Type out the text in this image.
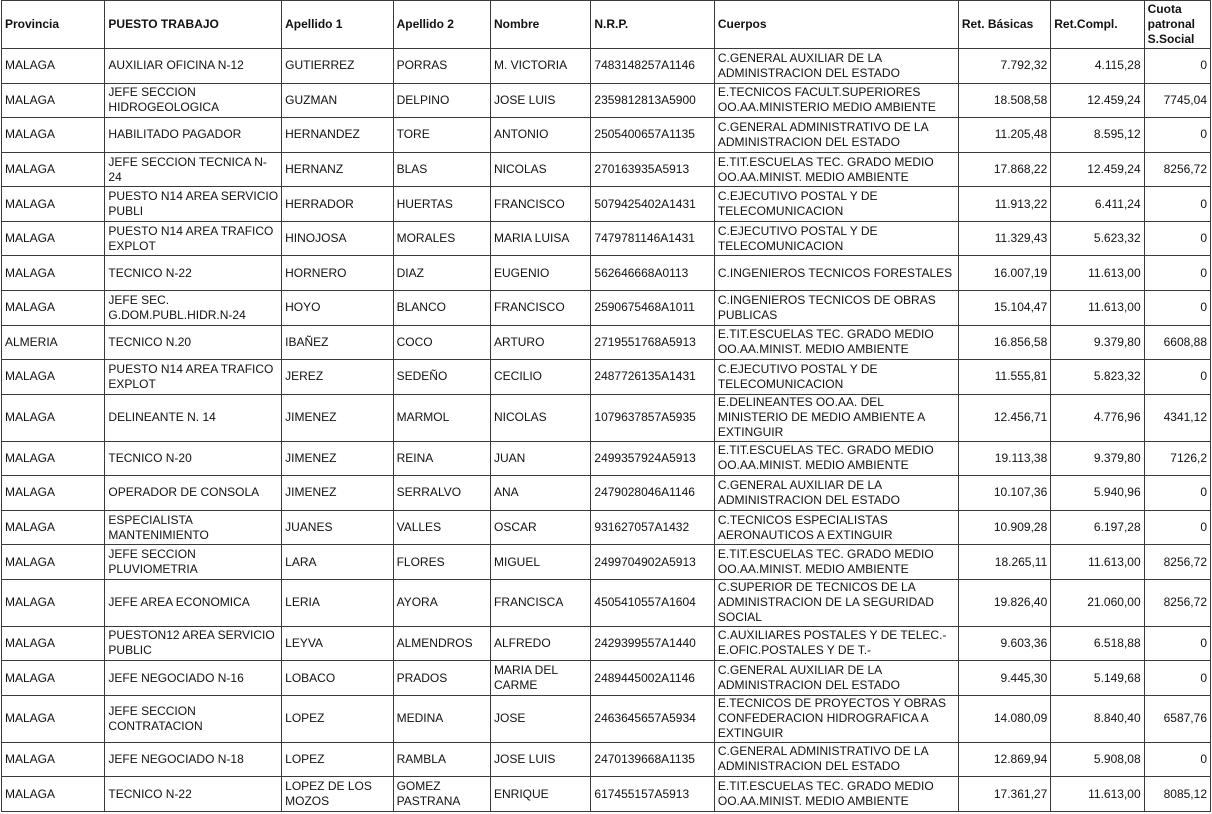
Provincia	PUESTO TRABAJO	Apellido 1	Apellido 2	Nombre	N.R.P.	Cuerpos	Ret. Básicas	Ret.Compl.	Cuota patronal S.Social
MALAGA	AUXILIAR OFICINA N-12	GUTIERREZ	PORRAS	M. VICTORIA	7483148257A1146	C.GENERAL AUXILIAR DE LA ADMINISTRACION DEL ESTADO	7.792,32	4.115,28	0
MALAGA	JEFE SECCION HIDROGEOLOGICA	GUZMAN	DELPINO	JOSE LUIS	2359812813A5900	E.TECNICOS FACULT.SUPERIORES OO.AA.MINISTERIO MEDIO AMBIENTE	18.508,58	12.459,24	7745,04
MALAGA	HABILITADO PAGADOR	HERNANDEZ	TORE	ANTONIO	2505400657A1135	C.GENERAL ADMINISTRATIVO DE LA ADMINISTRACION DEL ESTADO	11.205,48	8.595,12	0
MALAGA	JEFE SECCION TECNICA N-24	HERNANZ	BLAS	NICOLAS	270163935A5913	E.TIT.ESCUELAS TEC. GRADO MEDIO OO.AA.MINIST. MEDIO AMBIENTE	17.868,22	12.459,24	8256,72
MALAGA	PUESTO N14 AREA SERVICIO PUBLI	HERRADOR	HUERTAS	FRANCISCO	5079425402A1431	C.EJECUTIVO POSTAL Y DE TELECOMUNICACION	11.913,22	6.411,24	0
MALAGA	PUESTO N14 AREA TRAFICO EXPLOT	HINOJOSA	MORALES	MARIA LUISA	7479781146A1431	C.EJECUTIVO POSTAL Y DE TELECOMUNICACION	11.329,43	5.623,32	0
MALAGA	TECNICO N-22	HORNERO	DIAZ	EUGENIO	562646668A0113	C.INGENIEROS TECNICOS FORESTALES	16.007,19	11.613,00	0
MALAGA	JEFE SEC. G.DOM.PUBL.HIDR.N-24	HOYO	BLANCO	FRANCISCO	2590675468A1011	C.INGENIEROS TECNICOS DE OBRAS PUBLICAS	15.104,47	11.613,00	0
ALMERIA	TECNICO N.20	IBAÑEZ	COCO	ARTURO	2719551768A5913	E.TIT.ESCUELAS TEC. GRADO MEDIO OO.AA.MINIST. MEDIO AMBIENTE	16.856,58	9.379,80	6608,88
MALAGA	PUESTO N14 AREA TRAFICO EXPLOT	JEREZ	SEDEÑO	CECILIO	2487726135A1431	C.EJECUTIVO POSTAL Y DE TELECOMUNICACION	11.555,81	5.823,32	0
MALAGA	DELINEANTE N. 14	JIMENEZ	MARMOL	NICOLAS	1079637857A5935	E.DELINEANTES OO.AA. DEL MINISTERIO DE MEDIO AMBIENTE A EXTINGUIR	12.456,71	4.776,96	4341,12
MALAGA	TECNICO N-20	JIMENEZ	REINA	JUAN	2499357924A5913	E.TIT.ESCUELAS TEC. GRADO MEDIO OO.AA.MINIST. MEDIO AMBIENTE	19.113,38	9.379,80	7126,2
MALAGA	OPERADOR DE CONSOLA	JIMENEZ	SERRALVO	ANA	2479028046A1146	C.GENERAL AUXILIAR DE LA ADMINISTRACION DEL ESTADO	10.107,36	5.940,96	0
MALAGA	ESPECIALISTA MANTENIMIENTO	JUANES	VALLES	OSCAR	931627057A1432	C.TECNICOS ESPECIALISTAS AERONAUTICOS A EXTINGUIR	10.909,28	6.197,28	0
MALAGA	JEFE SECCION PLUVIOMETRIA	LARA	FLORES	MIGUEL	2499704902A5913	E.TIT.ESCUELAS TEC. GRADO MEDIO OO.AA.MINIST. MEDIO AMBIENTE	18.265,11	11.613,00	8256,72
MALAGA	JEFE AREA ECONOMICA	LERIA	AYORA	FRANCISCA	4505410557A1604	C.SUPERIOR DE TECNICOS DE LA ADMINISTRACION DE LA SEGURIDAD SOCIAL	19.826,40	21.060,00	8256,72
MALAGA	PUESTON12 AREA SERVICIO PUBLIC	LEYVA	ALMENDROS	ALFREDO	2429399557A1440	C.AUXILIARES POSTALES Y DE TELEC.-E.OFIC.POSTALES Y DE T.-	9.603,36	6.518,88	0
MALAGA	JEFE NEGOCIADO N-16	LOBACO	PRADOS	MARIA DEL CARME	2489445002A1146	C.GENERAL AUXILIAR DE LA ADMINISTRACION DEL ESTADO	9.445,30	5.149,68	0
MALAGA	JEFE SECCION CONTRATACION	LOPEZ	MEDINA	JOSE	2463645657A5934	E.TECNICOS DE PROYECTOS Y OBRAS CONFEDERACION HIDROGRAFICA A EXTINGUIR	14.080,09	8.840,40	6587,76
MALAGA	JEFE NEGOCIADO N-18	LOPEZ	RAMBLA	JOSE LUIS	2470139668A1135	C.GENERAL ADMINISTRATIVO DE LA ADMINISTRACION DEL ESTADO	12.869,94	5.908,08	0
MALAGA	TECNICO N-22	LOPEZ DE LOS MOZOS	GOMEZ PASTRANA	ENRIQUE	617455157A5913	E.TIT.ESCUELAS TEC. GRADO MEDIO OO.AA.MINIST. MEDIO AMBIENTE	17.361,27	11.613,00	8085,12
